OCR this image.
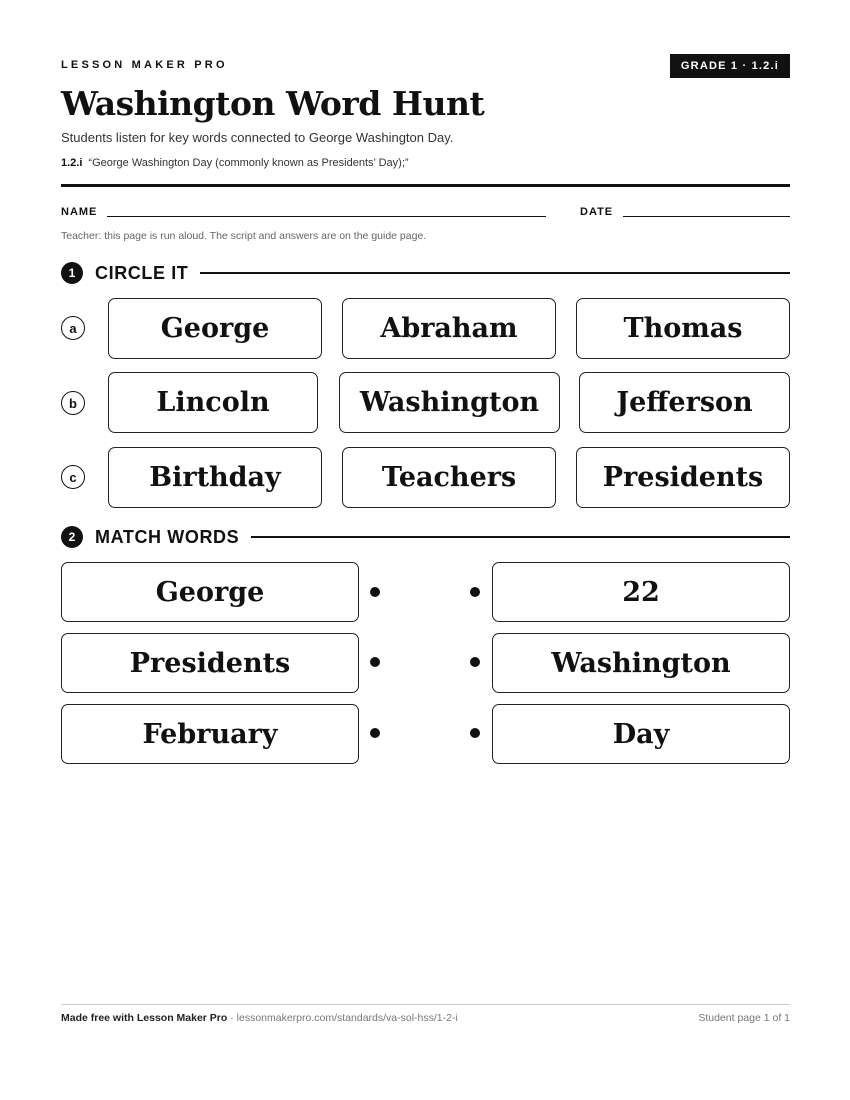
LESSON MAKER PRO	GRADE 1 · 1.2.i
Washington Word Hunt
Students listen for key words connected to George Washington Day.
1.2.i “George Washington Day (commonly known as Presidents’ Day);”
NAME	DATE
Teacher: this page is run aloud. The script and answers are on the guide page.
1	CIRCLE IT
a	George	Abraham	Thomas
b	Lincoln	Washington	Jefferson
c	Birthday	Teachers	Presidents
2	MATCH WORDS
George	22
Presidents	Washington
February	Day
Made free with Lesson Maker Pro · lessonmakerpro.com/standards/va-sol-hss/1-2-i	Student page 1 of 1
